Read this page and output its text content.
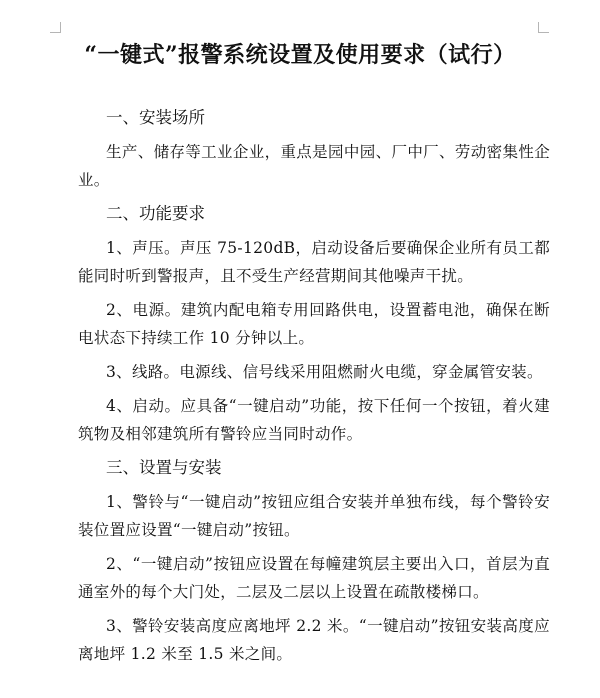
“一键式”报警系统设置及使用要求（试行）
一、安装场所
生产、储存等工业企业，重点是园中园、厂中厂、劳动密集性企业。
二、功能要求
1、声压。声压 75-120dB，启动设备后要确保企业所有员工都能同时听到警报声，且不受生产经营期间其他噪声干扰。
2、电源。建筑内配电箱专用回路供电，设置蓄电池，确保在断电状态下持续工作 10 分钟以上。
3、线路。电源线、信号线采用阻燃耐火电缆，穿金属管安装。
4、启动。应具备“一键启动”功能，按下任何一个按钮，着火建筑物及相邻建筑所有警铃应当同时动作。
三、设置与安装
1、警铃与“一键启动”按钮应组合安装并单独布线，每个警铃安装位置应设置“一键启动”按钮。
2、“一键启动”按钮应设置在每幢建筑层主要出入口，首层为直通室外的每个大门处，二层及二层以上设置在疏散楼梯口。
3、警铃安装高度应离地坪 2.2 米。“一键启动”按钮安装高度应离地坪 1.2 米至 1.5 米之间。
